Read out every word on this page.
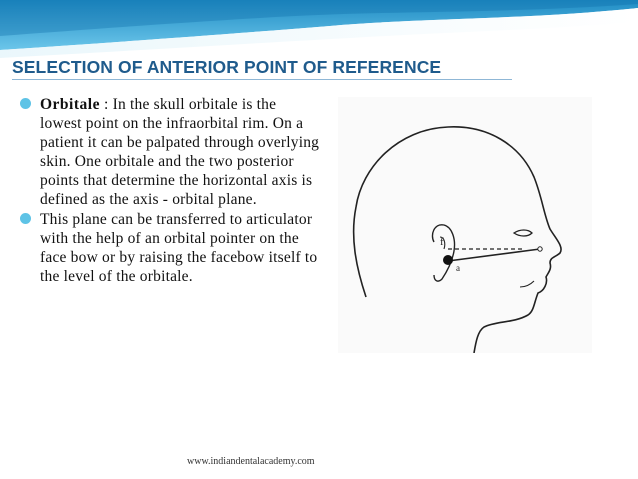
SELECTION OF ANTERIOR POINT OF REFERENCE
Orbitale : In the skull orbitale is the lowest point on the infraorbital rim. On a patient it can be palpated through overlying skin. One orbitale and the two posterior points that determine the horizontal axis is defined as the axis - orbital plane.
This plane can be transferred to articulator with the help of an orbital pointer on the face bow or by raising the facebow itself to the level of the orbitale.
f
a
www.indiandentalacademy.com
